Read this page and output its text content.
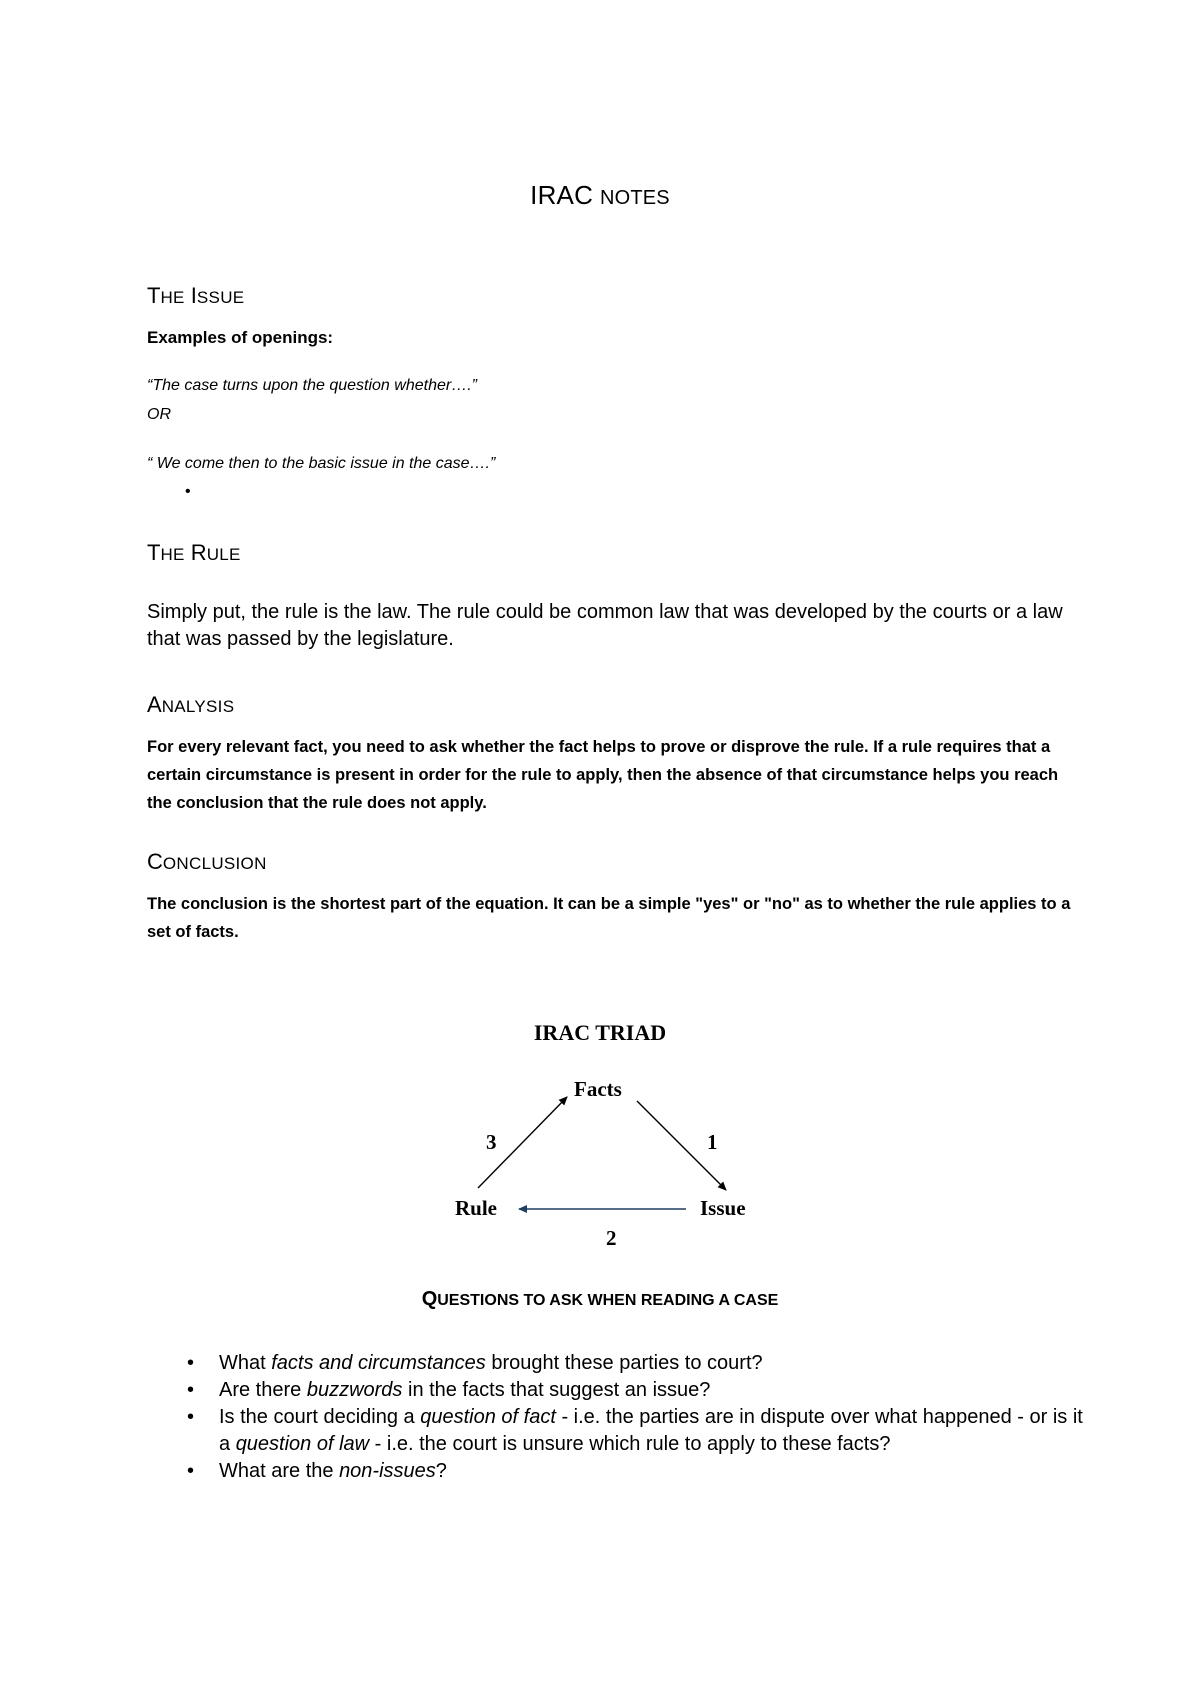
IRAC NOTES
THE ISSUE
Examples of openings:
“The case turns upon the question whether….”
OR
“ We come then to the basic issue in the case….”
•
THE RULE
Simply put, the rule is the law. The rule could be common law that was developed by the courts or a law that was passed by the legislature.
ANALYSIS
For every relevant fact, you need to ask whether the fact helps to prove or disprove the rule. If a rule requires that a certain circumstance is present in order for the rule to apply, then the absence of that circumstance helps you reach the conclusion that the rule does not apply.
CONCLUSION
The conclusion is the shortest part of the equation. It can be a simple "yes" or "no" as to whether the rule applies to a set of facts.
IRAC TRIAD
Facts
Rule	Issue
3	1
2
QUESTIONS TO ASK WHEN READING A CASE
• What facts and circumstances brought these parties to court?
• Are there buzzwords in the facts that suggest an issue?
• Is the court deciding a question of fact - i.e. the parties are in dispute over what happened - or is it a question of law - i.e. the court is unsure which rule to apply to these facts?
• What are the non-issues?
